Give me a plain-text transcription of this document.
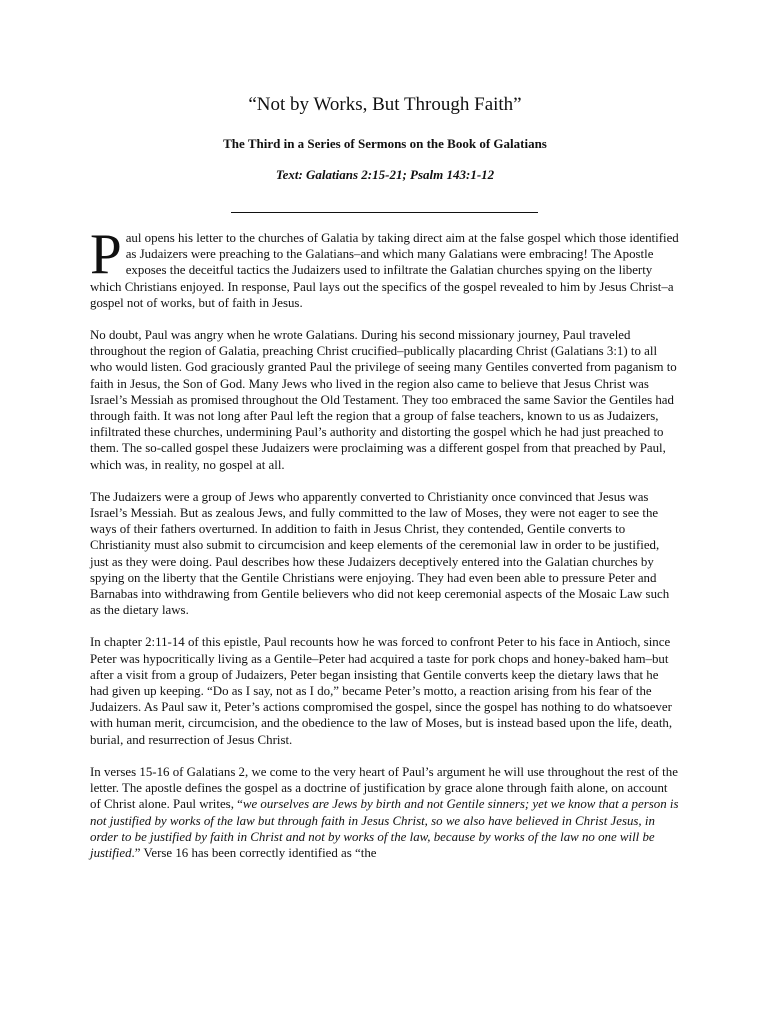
“Not by Works, But Through Faith”
The Third in a Series of Sermons on the Book of Galatians
Text: Galatians 2:15-21; Psalm 143:1-12

Paul opens his letter to the churches of Galatia by taking direct aim at the false gospel which those identified as Judaizers were preaching to the Galatians–and which many Galatians were embracing! The Apostle exposes the deceitful tactics the Judaizers used to infiltrate the Galatian churches spying on the liberty which Christians enjoyed. In response, Paul lays out the specifics of the gospel revealed to him by Jesus Christ–a gospel not of works, but of faith in Jesus.

No doubt, Paul was angry when he wrote Galatians. During his second missionary journey, Paul traveled throughout the region of Galatia, preaching Christ crucified–publically placarding Christ (Galatians 3:1) to all who would listen. God graciously granted Paul the privilege of seeing many Gentiles converted from paganism to faith in Jesus, the Son of God. Many Jews who lived in the region also came to believe that Jesus Christ was Israel’s Messiah as promised throughout the Old Testament. They too embraced the same Savior the Gentiles had through faith. It was not long after Paul left the region that a group of false teachers, known to us as Judaizers, infiltrated these churches, undermining Paul’s authority and distorting the gospel which he had just preached to them. The so-called gospel these Judaizers were proclaiming was a different gospel from that preached by Paul, which was, in reality, no gospel at all.

The Judaizers were a group of Jews who apparently converted to Christianity once convinced that Jesus was Israel’s Messiah. But as zealous Jews, and fully committed to the law of Moses, they were not eager to see the ways of their fathers overturned. In addition to faith in Jesus Christ, they contended, Gentile converts to Christianity must also submit to circumcision and keep elements of the ceremonial law in order to be justified, just as they were doing. Paul describes how these Judaizers deceptively entered into the Galatian churches by spying on the liberty that the Gentile Christians were enjoying. They had even been able to pressure Peter and Barnabas into withdrawing from Gentile believers who did not keep ceremonial aspects of the Mosaic Law such as the dietary laws.

In chapter 2:11-14 of this epistle, Paul recounts how he was forced to confront Peter to his face in Antioch, since Peter was hypocritically living as a Gentile–Peter had acquired a taste for pork chops and honey-baked ham–but after a visit from a group of Judaizers, Peter began insisting that Gentile converts keep the dietary laws that he had given up keeping. “Do as I say, not as I do,” became Peter’s motto, a reaction arising from his fear of the Judaizers. As Paul saw it, Peter’s actions compromised the gospel, since the gospel has nothing to do whatsoever with human merit, circumcision, and the obedience to the law of Moses, but is instead based upon the life, death, burial, and resurrection of Jesus Christ.

In verses 15-16 of Galatians 2, we come to the very heart of Paul’s argument he will use throughout the rest of the letter. The apostle defines the gospel as a doctrine of justification by grace alone through faith alone, on account of Christ alone. Paul writes, “we ourselves are Jews by birth and not Gentile sinners; yet we know that a person is not justified by works of the law but through faith in Jesus Christ, so we also have believed in Christ Jesus, in order to be justified by faith in Christ and not by works of the law, because by works of the law no one will be justified.” Verse 16 has been correctly identified as “the
